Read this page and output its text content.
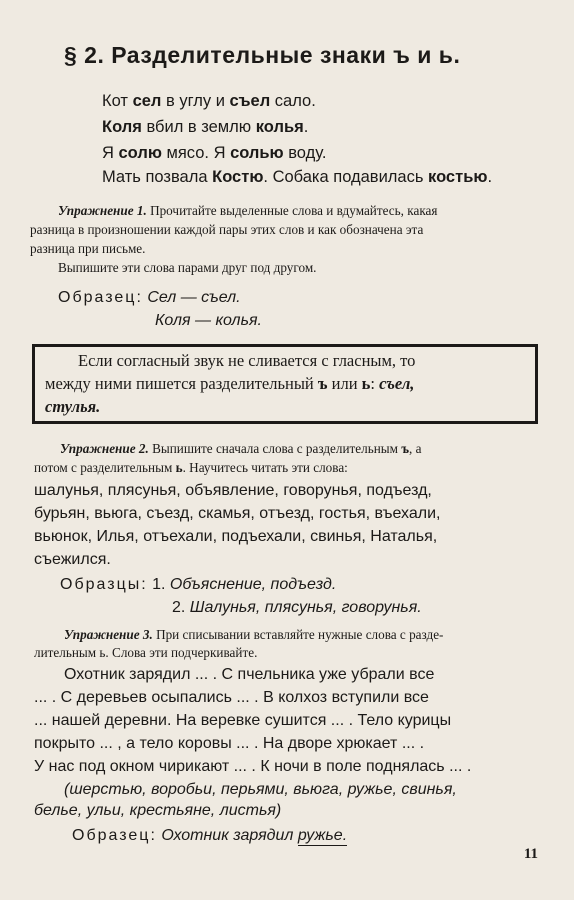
§ 2. Разделительные знаки ъ и ь.
Кот сел в углу и съел сало.
Коля вбил в землю колья.
Я солю мясо. Я солью воду.
Мать позвала Костю. Собака подавилась костью.
Упражнение 1. Прочитайте выделенные слова и вдумайтесь, какая
разница в произношении каждой пары этих слов и как обозначена эта
разница при письме.
Выпишите эти слова парами друг под другом.
Образец: Сел — съел.
Коля — колья.
Если согласный звук не сливается с гласным, то
между ними пишется разделительный ъ или ь: съел,
стулья.
Упражнение 2. Выпишите сначала слова с разделительным ъ, а
потом с разделительным ь. Научитесь читать эти слова:
шалунья, плясунья, объявление, говорунья, подъезд,
бурьян, вьюга, съезд, скамья, отъезд, гостья, въехали,
вьюнок, Илья, отъехали, подъехали, свинья, Наталья,
съежился.
Образцы: 1. Объяснение, подъезд.
2. Шалунья, плясунья, говорунья.
Упражнение 3. При списывании вставляйте нужные слова с разде-
лительным ь. Слова эти подчеркивайте.
Охотник зарядил ... . С пчельника уже убрали все
... . С деревьев осыпались ... . В колхоз вступили все
... нашей деревни. На веревке сушится ... . Тело курицы
покрыто ... , а тело коровы ... . На дворе хрюкает ... .
У нас под окном чирикают ... . К ночи в поле поднялась ... .
(шерстью, воробьи, перьями, вьюга, ружье, свинья,
белье, ульи, крестьяне, листья)
Образец: Охотник зарядил ружье.
11
